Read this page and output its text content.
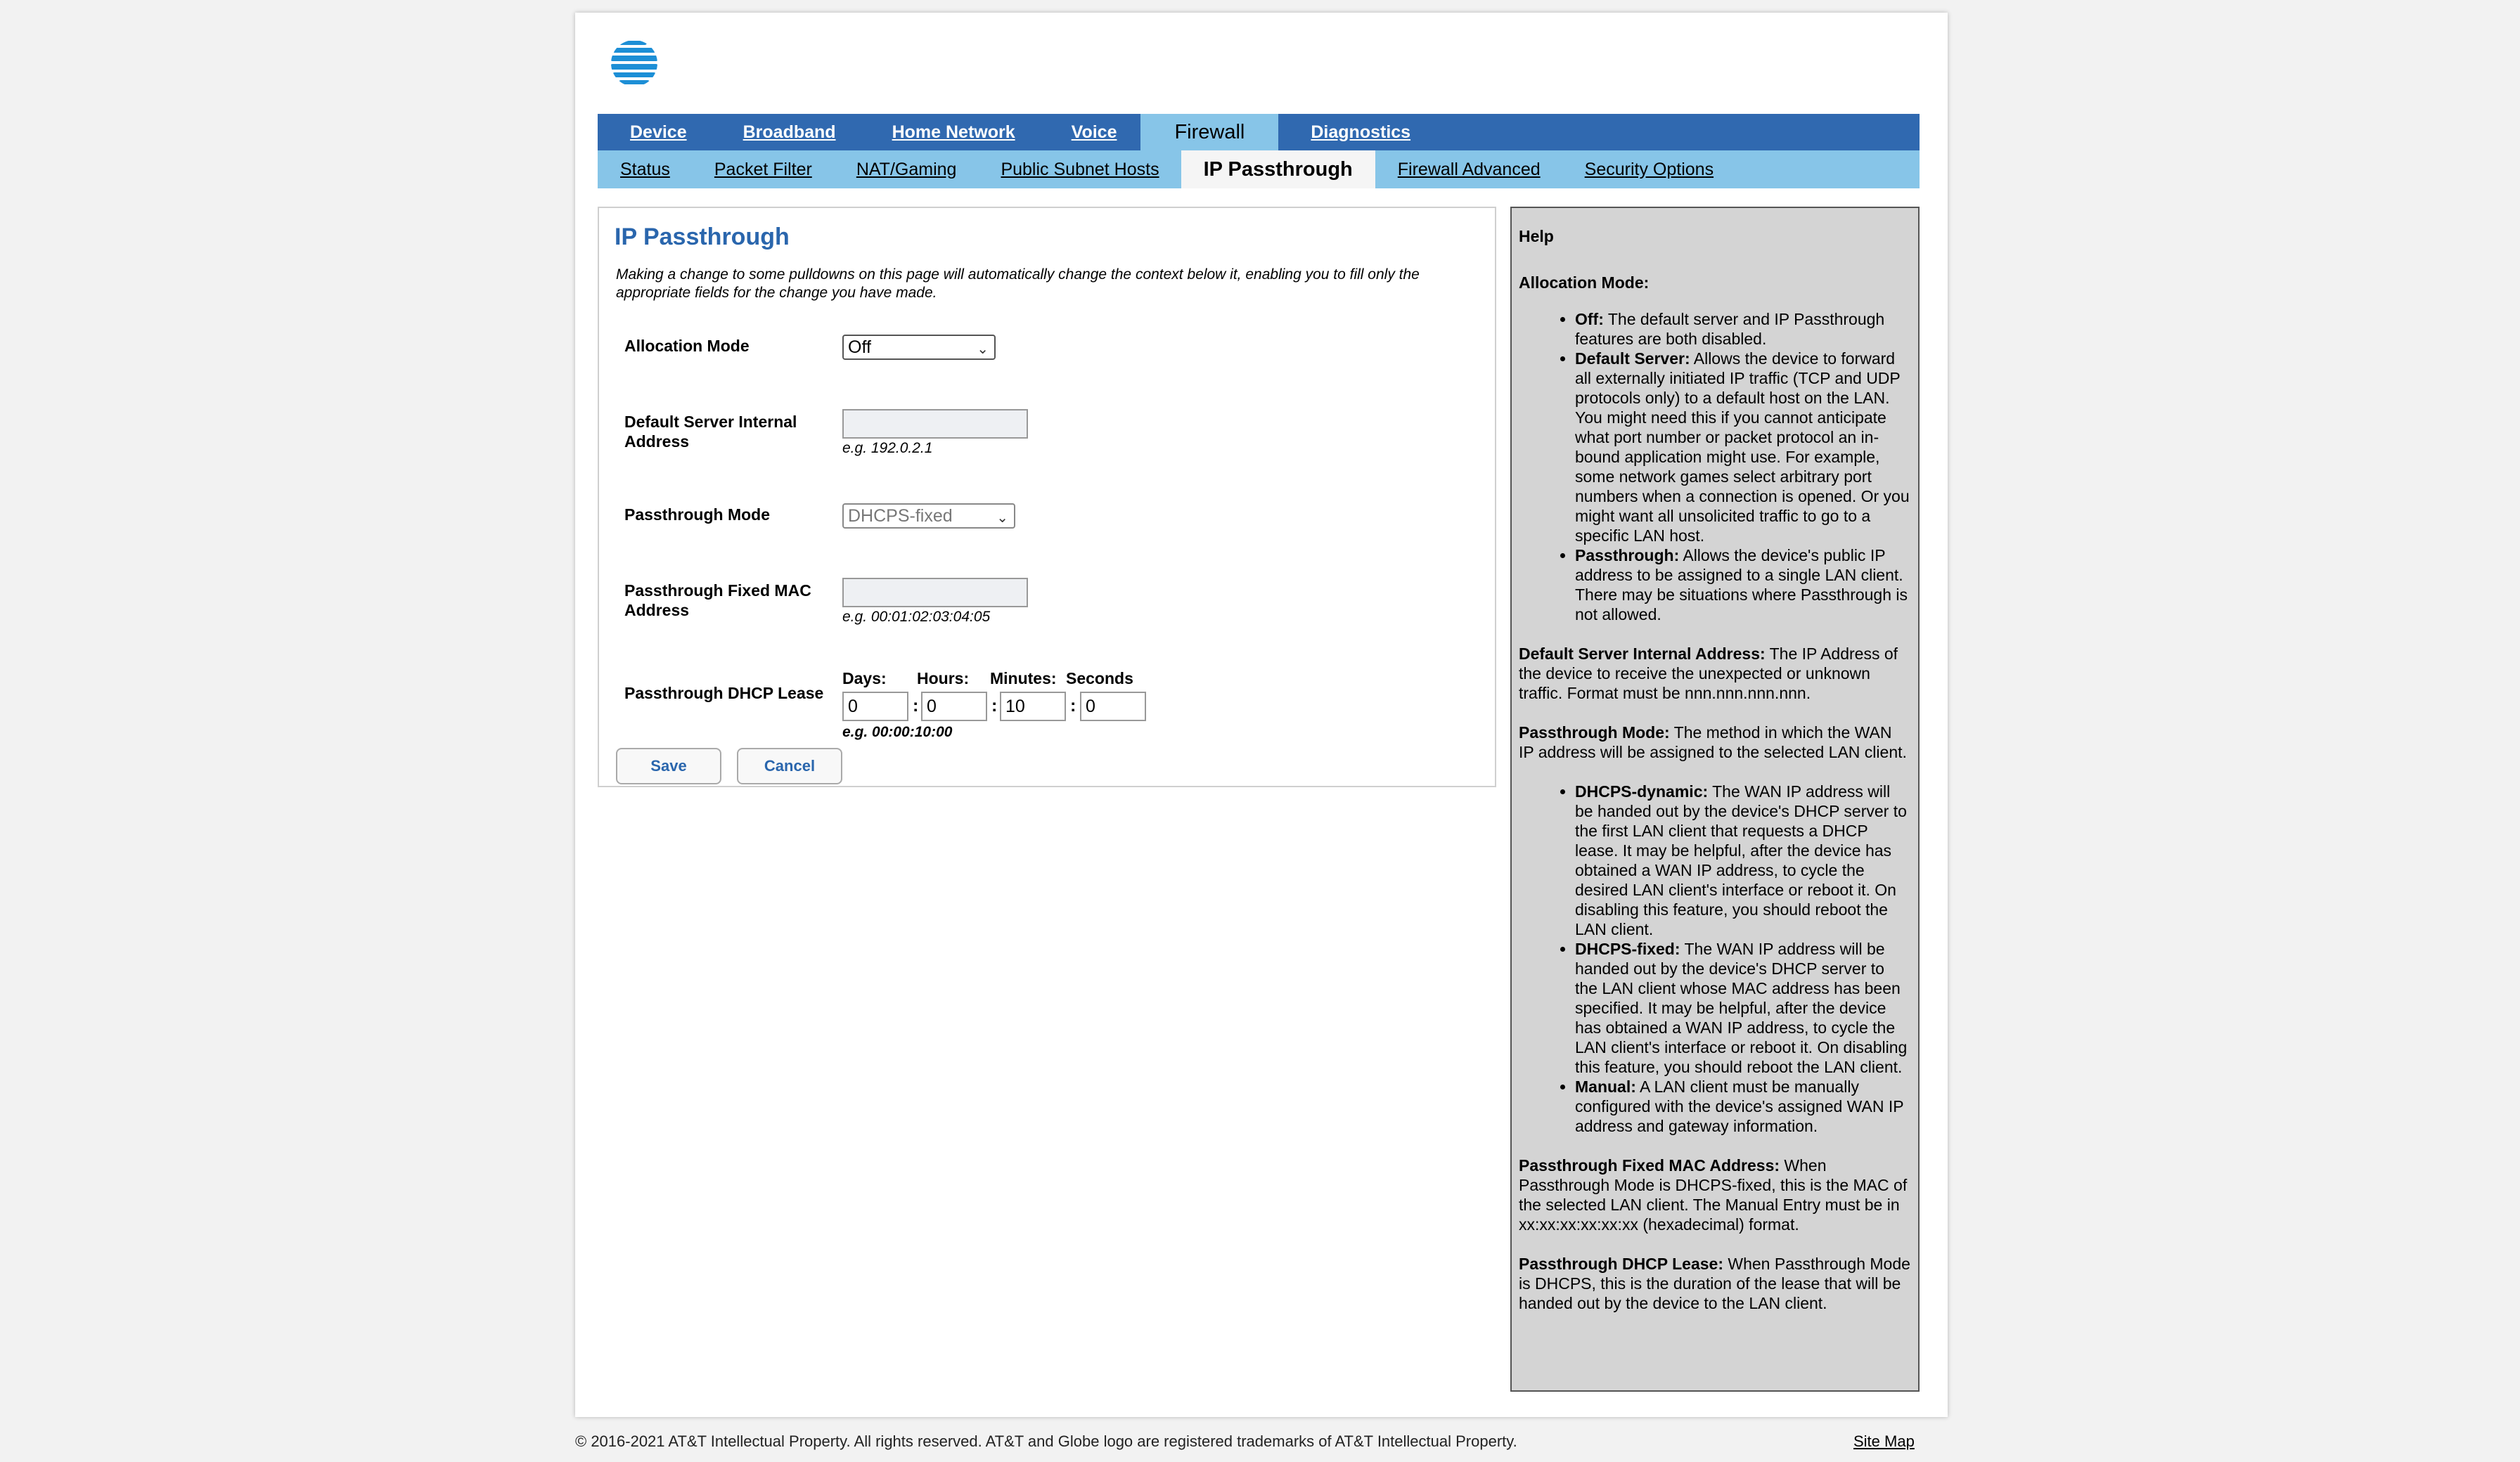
Device	Broadband	Home Network	Voice	Firewall	Diagnostics
Status	Packet Filter	NAT/Gaming	Public Subnet Hosts	IP Passthrough	Firewall Advanced	Security Options
IP Passthrough
Making a change to some pulldowns on this page will automatically change the context below it, enabling you to fill only the appropriate fields for the change you have made.
Allocation Mode	Off	⌄
Default Server Internal Address	e.g. 192.0.2.1
Passthrough Mode	DHCPS-fixed	⌄
Passthrough Fixed MAC Address	e.g. 00:01:02:03:04:05
Passthrough DHCP Lease
Days: Hours: Minutes: Seconds
0	: 0	: 10	: 0
e.g. 00:00:10:00
Save	Cancel
Help

Allocation Mode:

• Off: The default server and IP Passthrough features are both disabled.
• Default Server: Allows the device to forward all externally initiated IP traffic (TCP and UDP protocols only) to a default host on the LAN. You might need this if you cannot anticipate what port number or packet protocol an in-bound application might use. For example, some network games select arbitrary port numbers when a connection is opened. Or you might want all unsolicited traffic to go to a specific LAN host.
• Passthrough: Allows the device's public IP address to be assigned to a single LAN client. There may be situations where Passthrough is not allowed.

Default Server Internal Address: The IP Address of the device to receive the unexpected or unknown traffic. Format must be nnn.nnn.nnn.nnn.

Passthrough Mode: The method in which the WAN IP address will be assigned to the selected LAN client.

• DHCPS-dynamic: The WAN IP address will be handed out by the device's DHCP server to the first LAN client that requests a DHCP lease. It may be helpful, after the device has obtained a WAN IP address, to cycle the desired LAN client's interface or reboot it. On disabling this feature, you should reboot the LAN client.
• DHCPS-fixed: The WAN IP address will be handed out by the device's DHCP server to the LAN client whose MAC address has been specified. It may be helpful, after the device has obtained a WAN IP address, to cycle the LAN client's interface or reboot it. On disabling this feature, you should reboot the LAN client.
• Manual: A LAN client must be manually configured with the device's assigned WAN IP address and gateway information.

Passthrough Fixed MAC Address: When Passthrough Mode is DHCPS-fixed, this is the MAC of the selected LAN client. The Manual Entry must be in xx:xx:xx:xx:xx:xx (hexadecimal) format.

Passthrough DHCP Lease: When Passthrough Mode is DHCPS, this is the duration of the lease that will be handed out by the device to the LAN client.

© 2016-2021 AT&T Intellectual Property. All rights reserved. AT&T and Globe logo are registered trademarks of AT&T Intellectual Property.	Site Map
